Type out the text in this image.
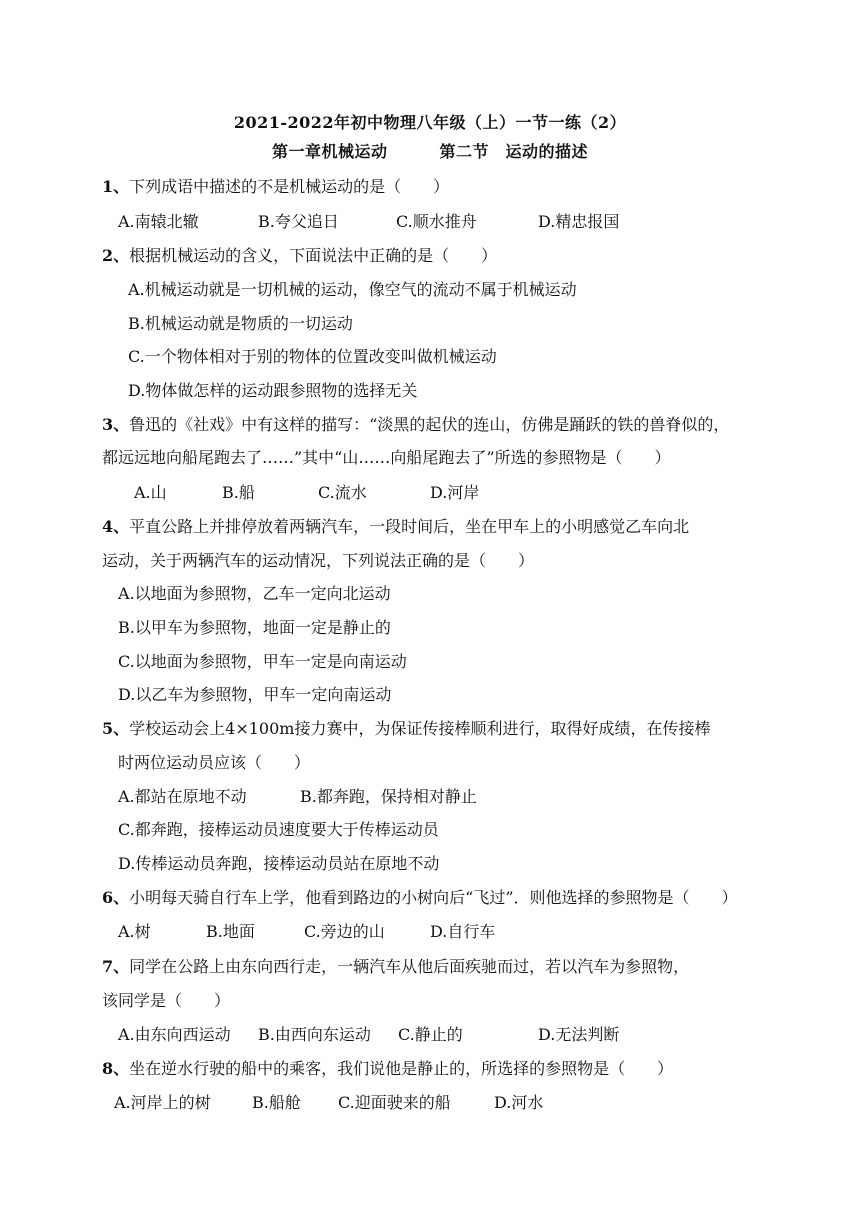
2021-2022年初中物理八年级（上）一节一练（2）
第一章机械运动	第二节　运动的描述
1、下列成语中描述的不是机械运动的是（　　）
A.南辕北辙	B.夸父追日	C.顺水推舟	D.精忠报国
2、根据机械运动的含义，下面说法中正确的是（　　）
A.机械运动就是一切机械的运动，像空气的流动不属于机械运动
B.机械运动就是物质的一切运动
C.一个物体相对于别的物体的位置改变叫做机械运动
D.物体做怎样的运动跟参照物的选择无关
3、鲁迅的《社戏》中有这样的描写：“淡黑的起伏的连山，仿佛是踊跃的铁的兽脊似的，
都远远地向船尾跑去了……”其中“山……向船尾跑去了”所选的参照物是（　　）
A.山	B.船	C.流水	D.河岸
4、平直公路上并排停放着两辆汽车，一段时间后，坐在甲车上的小明感觉乙车向北
运动，关于两辆汽车的运动情况，下列说法正确的是（　　）
A.以地面为参照物，乙车一定向北运动
B.以甲车为参照物，地面一定是静止的
C.以地面为参照物，甲车一定是向南运动
D.以乙车为参照物，甲车一定向南运动
5、学校运动会上4×100m接力赛中，为保证传接棒顺利进行，取得好成绩，在传接棒
时两位运动员应该（　　）
A.都站在原地不动	B.都奔跑，保持相对静止
C.都奔跑，接棒运动员速度要大于传棒运动员
D.传棒运动员奔跑，接棒运动员站在原地不动
6、小明每天骑自行车上学，他看到路边的小树向后“飞过”．则他选择的参照物是（　　）
A.树	B.地面	C.旁边的山	D.自行车
7、同学在公路上由东向西行走，一辆汽车从他后面疾驰而过，若以汽车为参照物，
该同学是（　　）
A.由东向西运动 B.由西向东运动 C.静止的	D.无法判断
8、坐在逆水行驶的船中的乘客，我们说他是静止的，所选择的参照物是（　　）
A.河岸上的树	B.船舱 C.迎面驶来的船	D.河水
